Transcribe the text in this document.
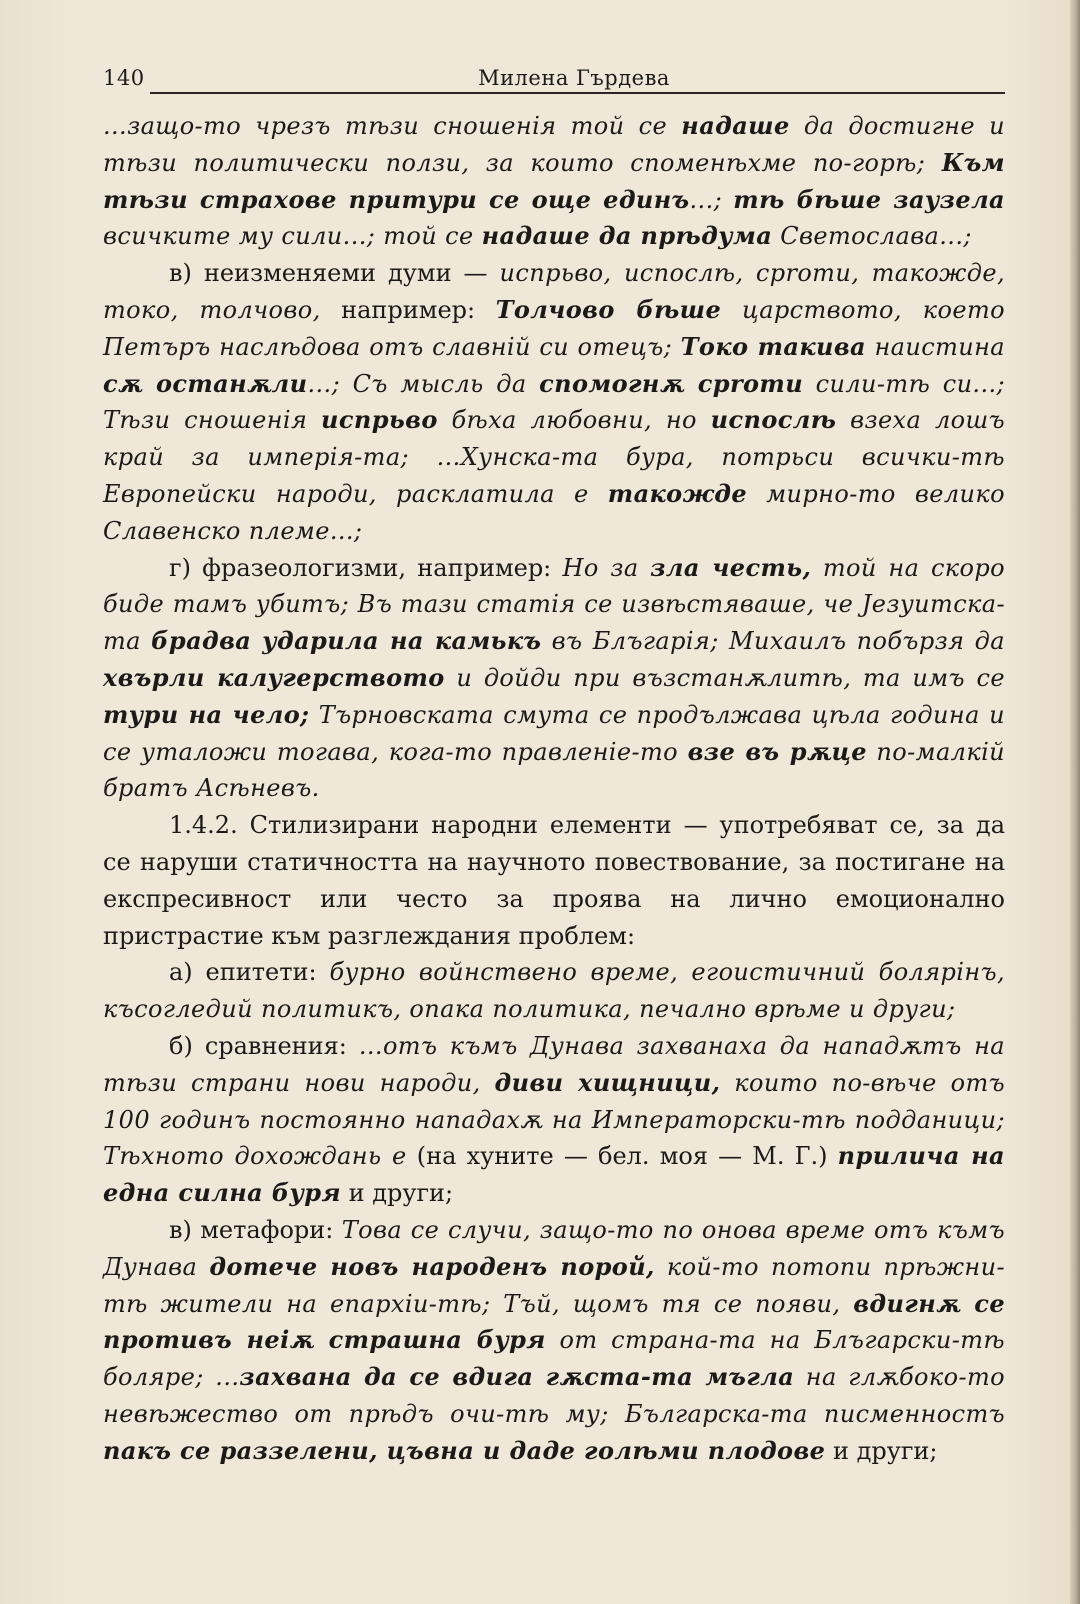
140	Милена Гърдева

...защо-то чрезъ тѣзи сношенія той се надаше да достигне и тѣзи политически ползи, за които споменѣхме по-горѣ; Към тѣзи страхове притури се още единъ...; тѣ бѣше заузела всичките му сили...; той се надаше да прѣдума Светослава...;

в) неизменяеми думи — испрьво, испослѣ, сproти, такожде, токо, толчово, например: Толчово бѣше царството, което Петъръ наслѣдова отъ славній си отецъ; Токо такива наистина сѫ останѫли...; Съ мысль да спомогнѫ сproти сили-тѣ си...; Тѣзи сношенія испрьво бѣха любовни, но испослѣ взеха лошъ край за имперія-та; ...Хунска-та бура, потрьси всички-тѣ Европейски народи, расклатила е такожде мирно-то велико Славенско племе...;

г) фразеологизми, например: Но за зла честь, той на скоро биде тамъ убитъ; Въ тази статія се извѣстяваше, че Језуитска-та брадва ударила на камькъ въ Блъгарія; Михаилъ побързя да хвърли калугерството и дойди при възстанѫлитѣ, та имъ се тури на чело; Търновската смута се продължава цѣла година и се уталожи тогава, кога-то правленіе-то взе въ рѫце по-малкій братъ Асѣневъ.

1.4.2. Стилизирани народни елементи — употребяват се, за да се наруши статичността на научното повествование, за постигане на експресивност или често за проява на лично емоционално пристрастие към разглеждания проблем:

а) епитети: бурно войнствено време, егоистичний болярінъ, късогледий политикъ, опака политика, печално врѣме и други;

б) сравнения: ...отъ къмъ Дунава захванаха да нападѫтъ на тѣзи страни нови народи, диви хищници, които по-вѣче отъ 100 годинъ постоянно нападахѫ на Императорски-тѣ подданици; Тѣхното дохождань е (на хуните — бел. моя — М. Г.) прилича на една силна буря и други;

в) метафори: Това се случи, защо-то по онова време отъ къмъ Дунава дотече новъ народенъ порой, кой-то потопи прѣжни-тѣ жители на епархіи-тѣ; Тъй, щомъ тя се появи, вдигнѫ се противъ неіѫ страшна буря от страна-та на Блъгарски-тѣ боляре; ...захвана да се вдига гѫста-та мъгла на глѫбоко-то невѣжество от прѣдъ очи-тѣ му; Българска-та писменностъ пакъ се раззелени, цъвна и даде голѣми плодове и други;
